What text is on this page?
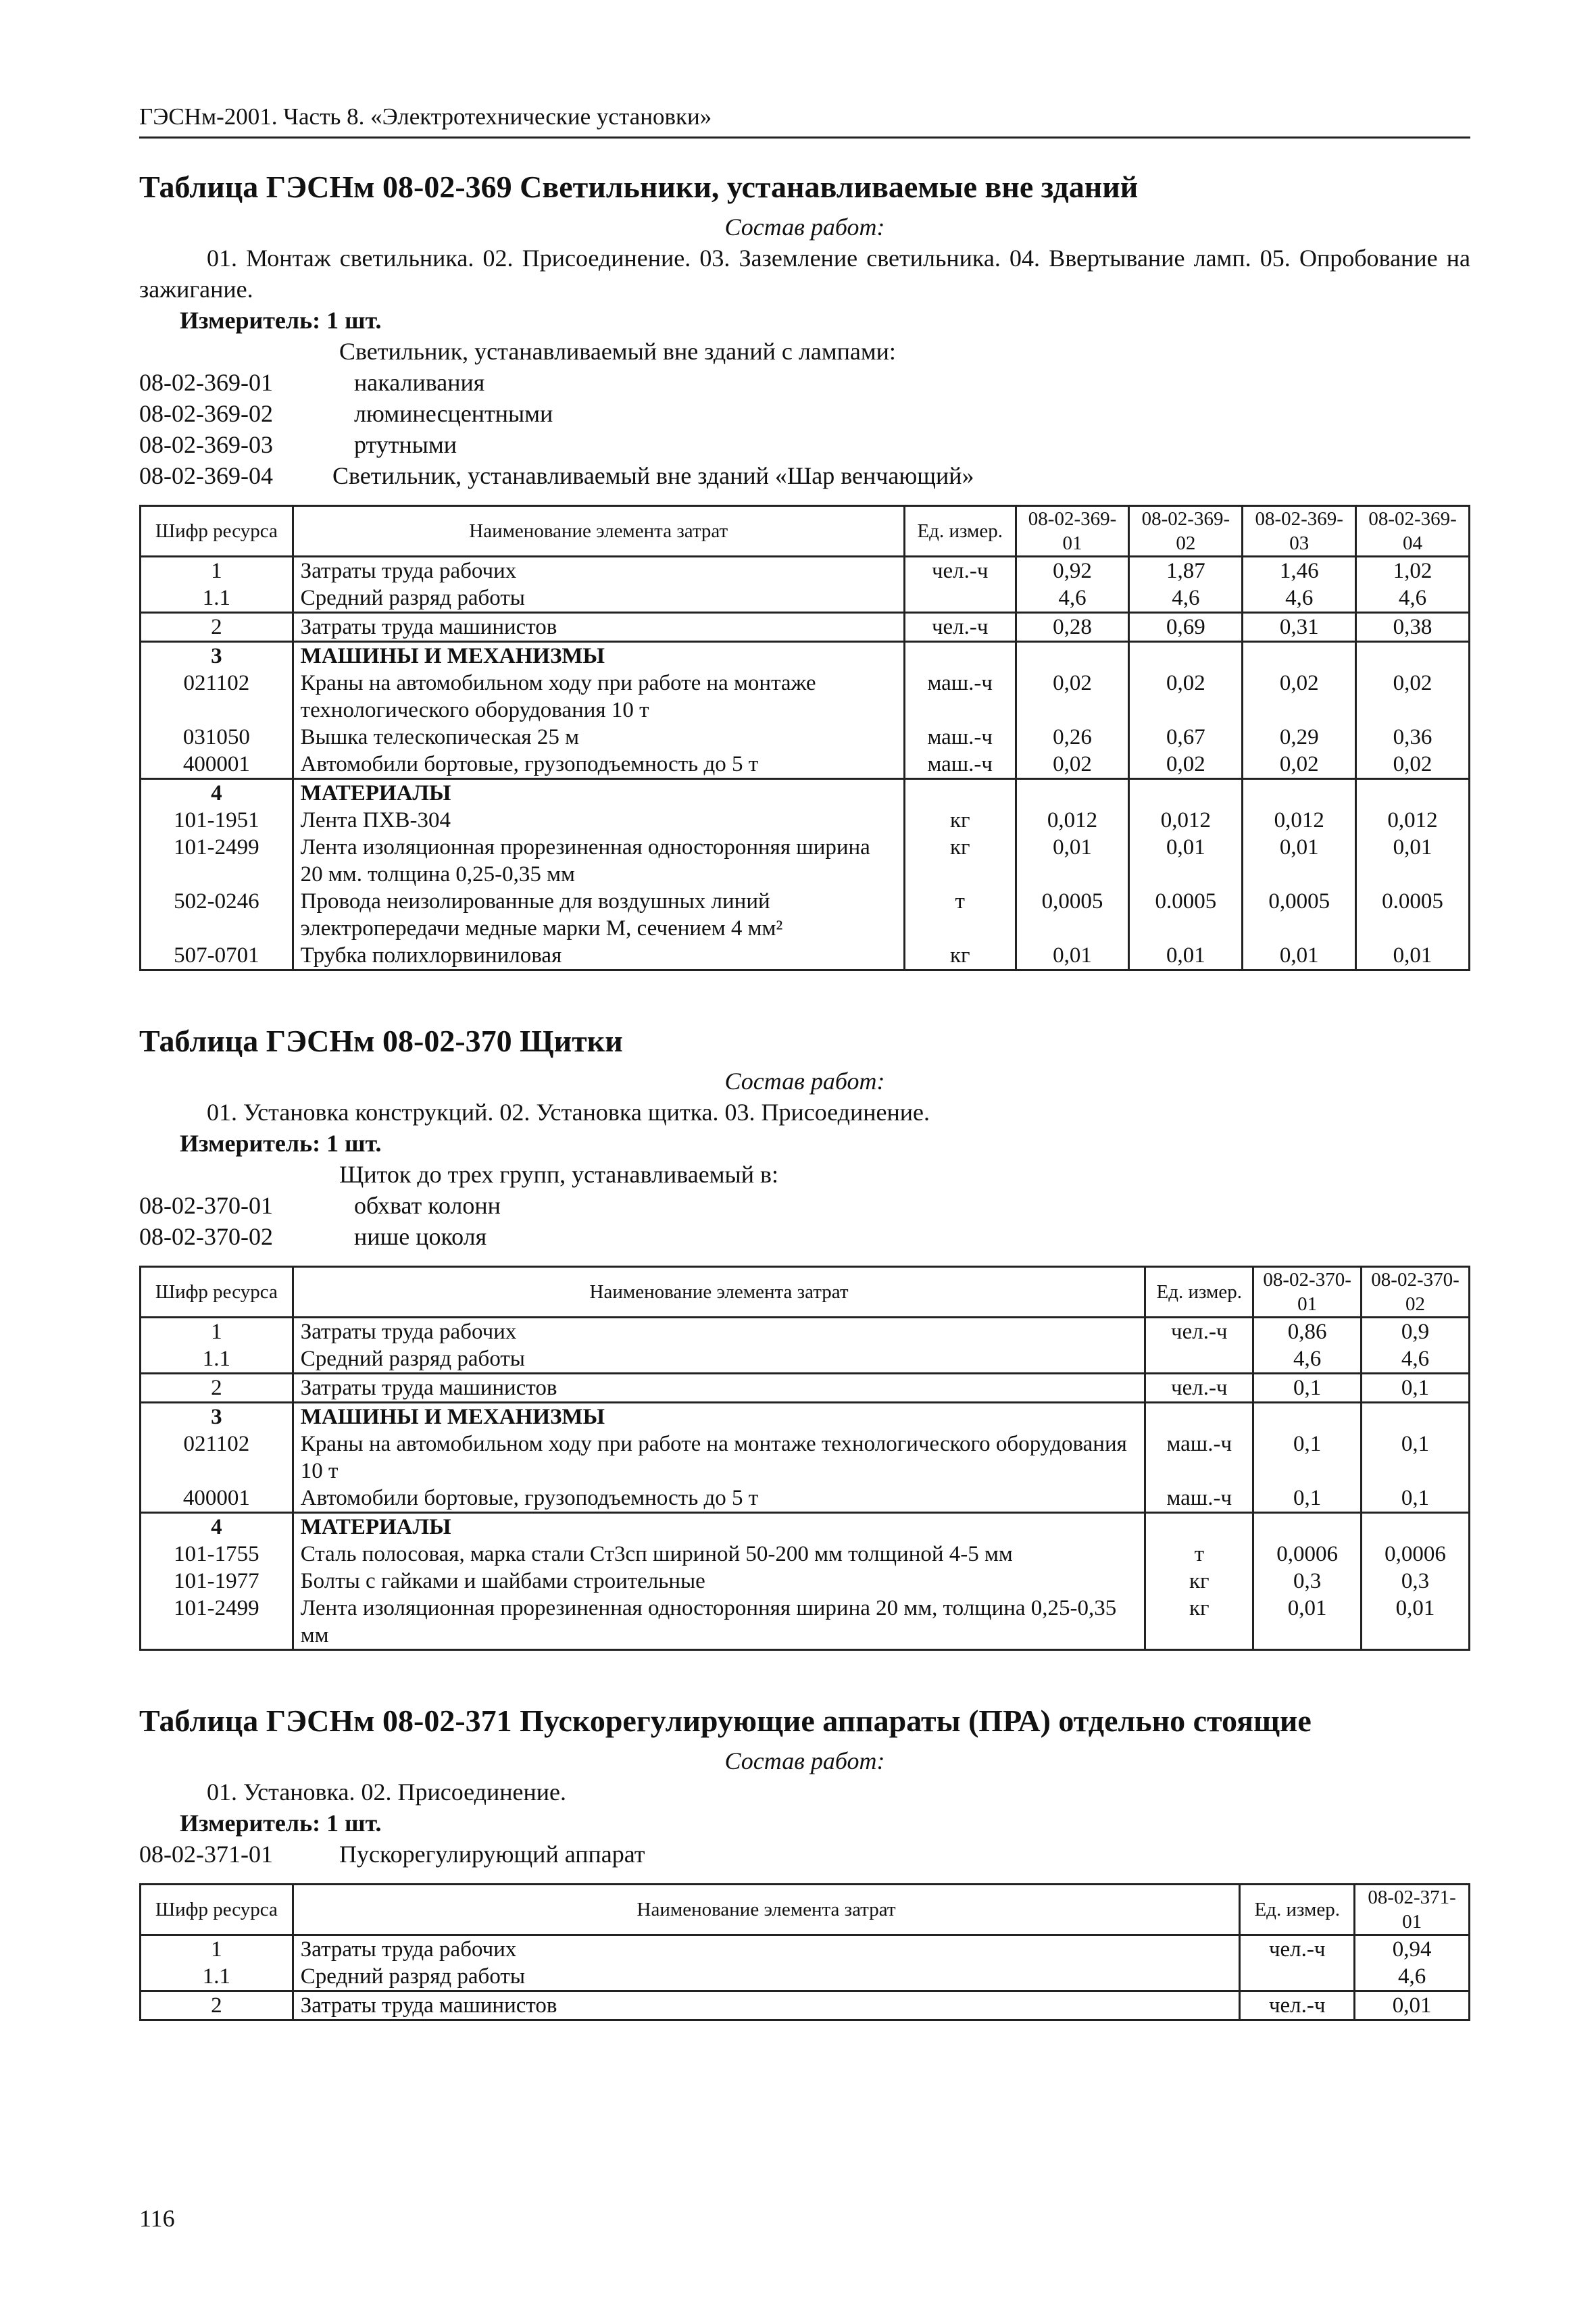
ГЭСНм-2001. Часть 8. «Электротехнические установки»
Таблица ГЭСНм 08-02-369 Светильники, устанавливаемые вне зданий
Состав работ:
01. Монтаж светильника. 02. Присоединение. 03. Заземление светильника. 04. Ввертывание ламп. 05. Опробование на зажигание.
Измеритель: 1 шт.
Светильник, устанавливаемый вне зданий с лампами:
08-02-369-01	накаливания
08-02-369-02	люминесцентными
08-02-369-03	ртутными
08-02-369-04	Светильник, устанавливаемый вне зданий «Шар венчающий»
Шифр ресурса	Наименование элемента затрат	Ед. измер.	08-02-369-01	08-02-369-02	08-02-369-03	08-02-369-04
1	Затраты труда рабочих	чел.-ч	0,92	1,87	1,46	1,02
1.1	Средний разряд работы		4,6	4,6	4,6	4,6
2	Затраты труда машинистов	чел.-ч	0,28	0,69	0,31	0,38
3	МАШИНЫ И МЕХАНИЗМЫ					
021102	Краны на автомобильном ходу при работе на монтаже технологического оборудования 10 т	маш.-ч	0,02	0,02	0,02	0,02
031050	Вышка телескопическая 25 м	маш.-ч	0,26	0,67	0,29	0,36
400001	Автомобили бортовые, грузоподъемность до 5 т	маш.-ч	0,02	0,02	0,02	0,02
4	МАТЕРИАЛЫ					
101-1951	Лента ПХВ-304	кг	0,012	0,012	0,012	0,012
101-2499	Лента изоляционная прорезиненная односторонняя ширина 20 мм. толщина 0,25-0,35 мм	кг	0,01	0,01	0,01	0,01
502-0246	Провода неизолированные для воздушных линий электропередачи медные марки М, сечением 4 мм²	т	0,0005	0.0005	0,0005	0.0005
507-0701	Трубка полихлорвиниловая	кг	0,01	0,01	0,01	0,01
Таблица ГЭСНм 08-02-370 Щитки
Состав работ:
01. Установка конструкций. 02. Установка щитка. 03. Присоединение.
Измеритель: 1 шт.
Щиток до трех групп, устанавливаемый в:
08-02-370-01	обхват колонн
08-02-370-02	нише цоколя
Шифр ресурса	Наименование элемента затрат	Ед. измер.	08-02-370-01	08-02-370-02
1	Затраты труда рабочих	чел.-ч	0,86	0,9
1.1	Средний разряд работы		4,6	4,6
2	Затраты труда машинистов	чел.-ч	0,1	0,1
3	МАШИНЫ И МЕХАНИЗМЫ			
021102	Краны на автомобильном ходу при работе на монтаже технологического оборудования 10 т	маш.-ч	0,1	0,1
400001	Автомобили бортовые, грузоподъемность до 5 т	маш.-ч	0,1	0,1
4	МАТЕРИАЛЫ			
101-1755	Сталь полосовая, марка стали Ст3сп шириной 50-200 мм толщиной 4-5 мм	т	0,0006	0,0006
101-1977	Болты с гайками и шайбами строительные	кг	0,3	0,3
101-2499	Лента изоляционная прорезиненная односторонняя ширина 20 мм, толщина 0,25-0,35 мм	кг	0,01	0,01
Таблица ГЭСНм 08-02-371 Пускорегулирующие аппараты (ПРА) отдельно стоящие
Состав работ:
01. Установка. 02. Присоединение.
Измеритель: 1 шт.
08-02-371-01	Пускорегулирующий аппарат
Шифр ресурса	Наименование элемента затрат	Ед. измер.	08-02-371-01
1	Затраты труда рабочих	чел.-ч	0,94
1.1	Средний разряд работы		4,6
2	Затраты труда машинистов	чел.-ч	0,01
116
